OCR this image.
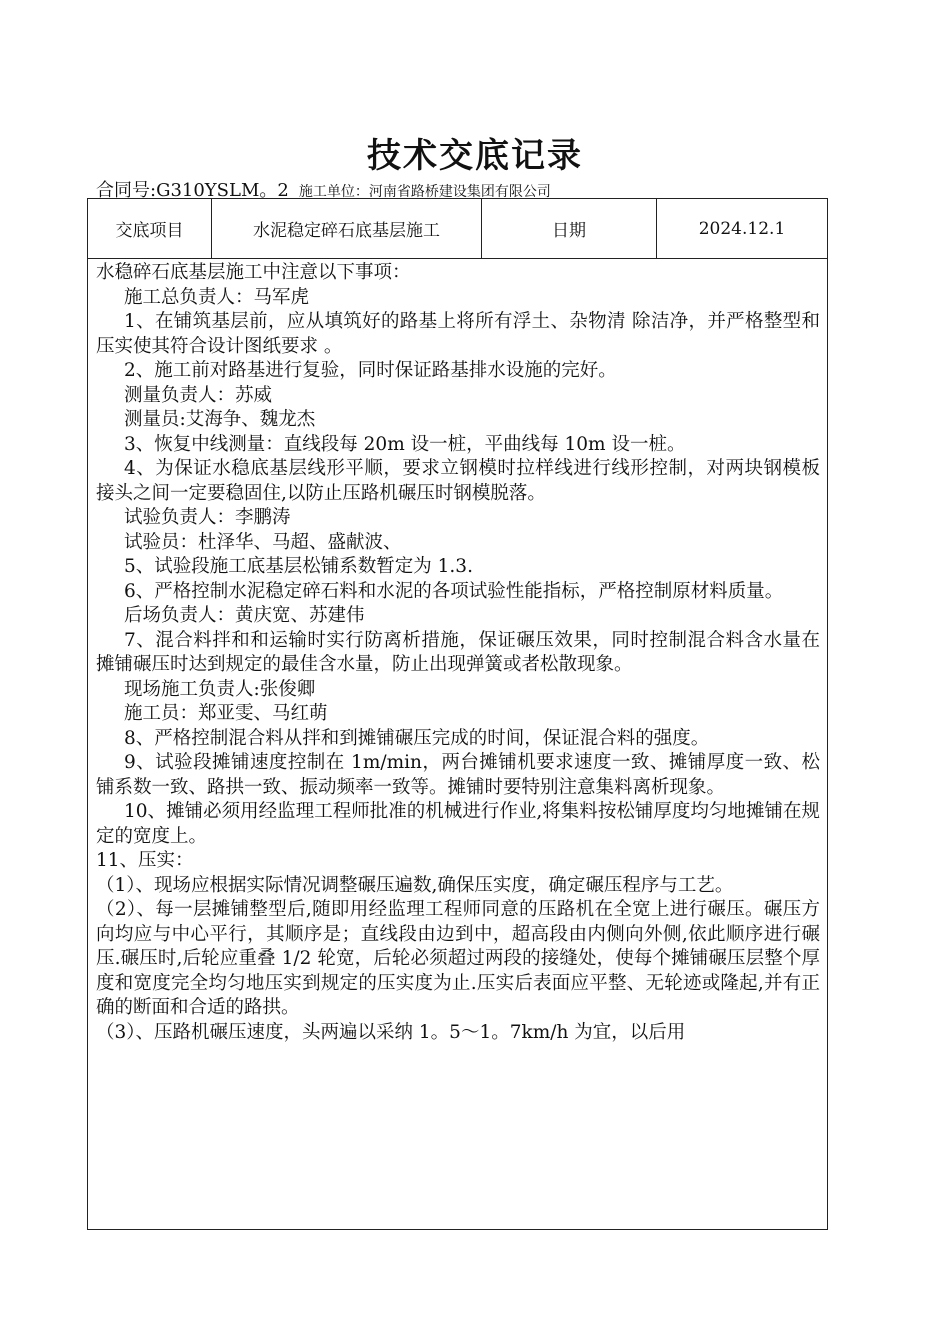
技术交底记录
合同号:G310YSLM。2 施工单位：河南省路桥建设集团有限公司
交底项目	水泥稳定碎石底基层施工	日期	2024.12.1

水稳碎石底基层施工中注意以下事项：

施工总负责人：马军虎

1、在铺筑基层前，应从填筑好的路基上将所有浮土、杂物清 除洁净，并严格整型和压实使其符合设计图纸要求 。

2、施工前对路基进行复验，同时保证路基排水设施的完好。

测量负责人：苏威

测量员:艾海争、魏龙杰

3、恢复中线测量：直线段每 20m 设一桩，平曲线每 10m 设一桩。

4、为保证水稳底基层线形平顺，要求立钢模时拉样线进行线形控制，对两块钢模板接头之间一定要稳固住,以防止压路机碾压时钢模脱落。

试验负责人：李鹏涛

试验员：杜泽华、马超、盛献波、

5、试验段施工底基层松铺系数暂定为 1.3.

6、严格控制水泥稳定碎石料和水泥的各项试验性能指标，严格控制原材料质量。

后场负责人：黄庆宽、苏建伟

7、混合料拌和和运输时实行防离析措施，保证碾压效果，同时控制混合料含水量在摊铺碾压时达到规定的最佳含水量，防止出现弹簧或者松散现象。

现场施工负责人:张俊卿

施工员：郑亚雯、马红萌

8、严格控制混合料从拌和到摊铺碾压完成的时间，保证混合料的强度。

9、试验段摊铺速度控制在 1m/min，两台摊铺机要求速度一致、摊铺厚度一致、松铺系数一致、路拱一致、振动频率一致等。摊铺时要特别注意集料离析现象。

10、摊铺必须用经监理工程师批准的机械进行作业,将集料按松铺厚度均匀地摊铺在规定的宽度上。

11、压实：

（1）、现场应根据实际情况调整碾压遍数,确保压实度，确定碾压程序与工艺。

（2）、每一层摊铺整型后,随即用经监理工程师同意的压路机在全宽上进行碾压。碾压方向均应与中心平行，其顺序是；直线段由边到中，超高段由内侧向外侧,依此顺序进行碾压.碾压时,后轮应重叠 1/2 轮宽，后轮必须超过两段的接缝处，使每个摊铺碾压层整个厚度和宽度完全均匀地压实到规定的压实度为止.压实后表面应平整、无轮迹或隆起,并有正确的断面和合适的路拱。

（3）、压路机碾压速度，头两遍以采纳 1。5～1。7km/h 为宜，以后用
